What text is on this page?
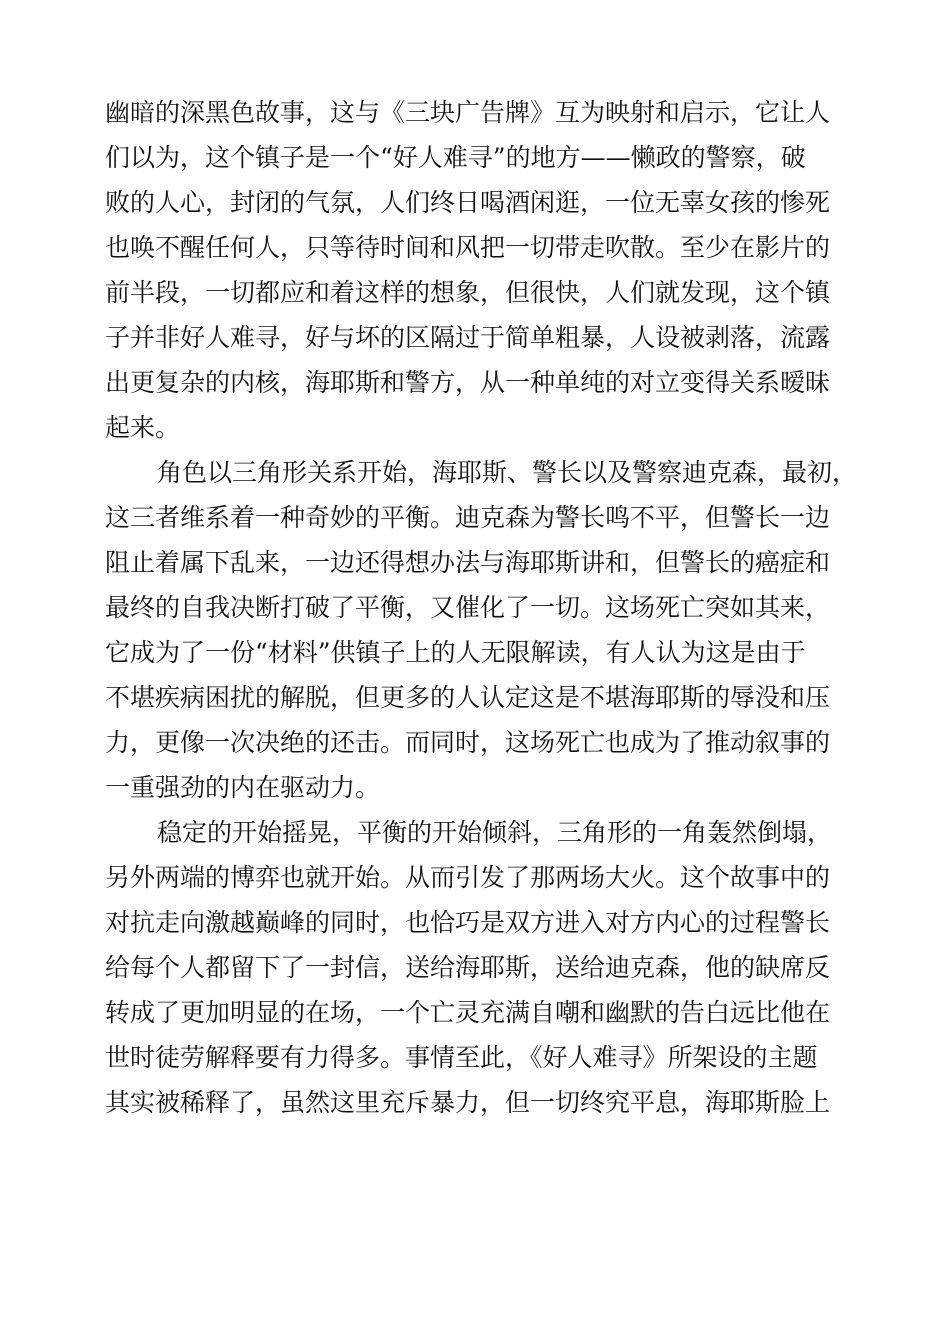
幽暗的深黑色故事，这与《三块广告牌》互为映射和启示，它让人
们以为，这个镇子是一个“好人难寻”的地方——懒政的警察，破
败的人心，封闭的气氛，人们终日喝酒闲逛，一位无辜女孩的惨死
也唤不醒任何人，只等待时间和风把一切带走吹散。至少在影片的
前半段，一切都应和着这样的想象，但很快，人们就发现，这个镇
子并非好人难寻，好与坏的区隔过于简单粗暴，人设被剥落，流露
出更复杂的内核，海耶斯和警方，从一种单纯的对立变得关系暧昧
起来。
角色以三角形关系开始，海耶斯、警长以及警察迪克森，最初，
这三者维系着一种奇妙的平衡。迪克森为警长鸣不平，但警长一边
阻止着属下乱来，一边还得想办法与海耶斯讲和，但警长的癌症和
最终的自我决断打破了平衡，又催化了一切。这场死亡突如其来，
它成为了一份“材料”供镇子上的人无限解读，有人认为这是由于
不堪疾病困扰的解脱，但更多的人认定这是不堪海耶斯的辱没和压
力，更像一次决绝的还击。而同时，这场死亡也成为了推动叙事的
一重强劲的内在驱动力。
稳定的开始摇晃，平衡的开始倾斜，三角形的一角轰然倒塌，
另外两端的博弈也就开始。从而引发了那两场大火。这个故事中的
对抗走向激越巅峰的同时，也恰巧是双方进入对方内心的过程警长
给每个人都留下了一封信，送给海耶斯，送给迪克森，他的缺席反
转成了更加明显的在场，一个亡灵充满自嘲和幽默的告白远比他在
世时徒劳解释要有力得多。事情至此，《好人难寻》所架设的主题
其实被稀释了，虽然这里充斥暴力，但一切终究平息，海耶斯脸上
